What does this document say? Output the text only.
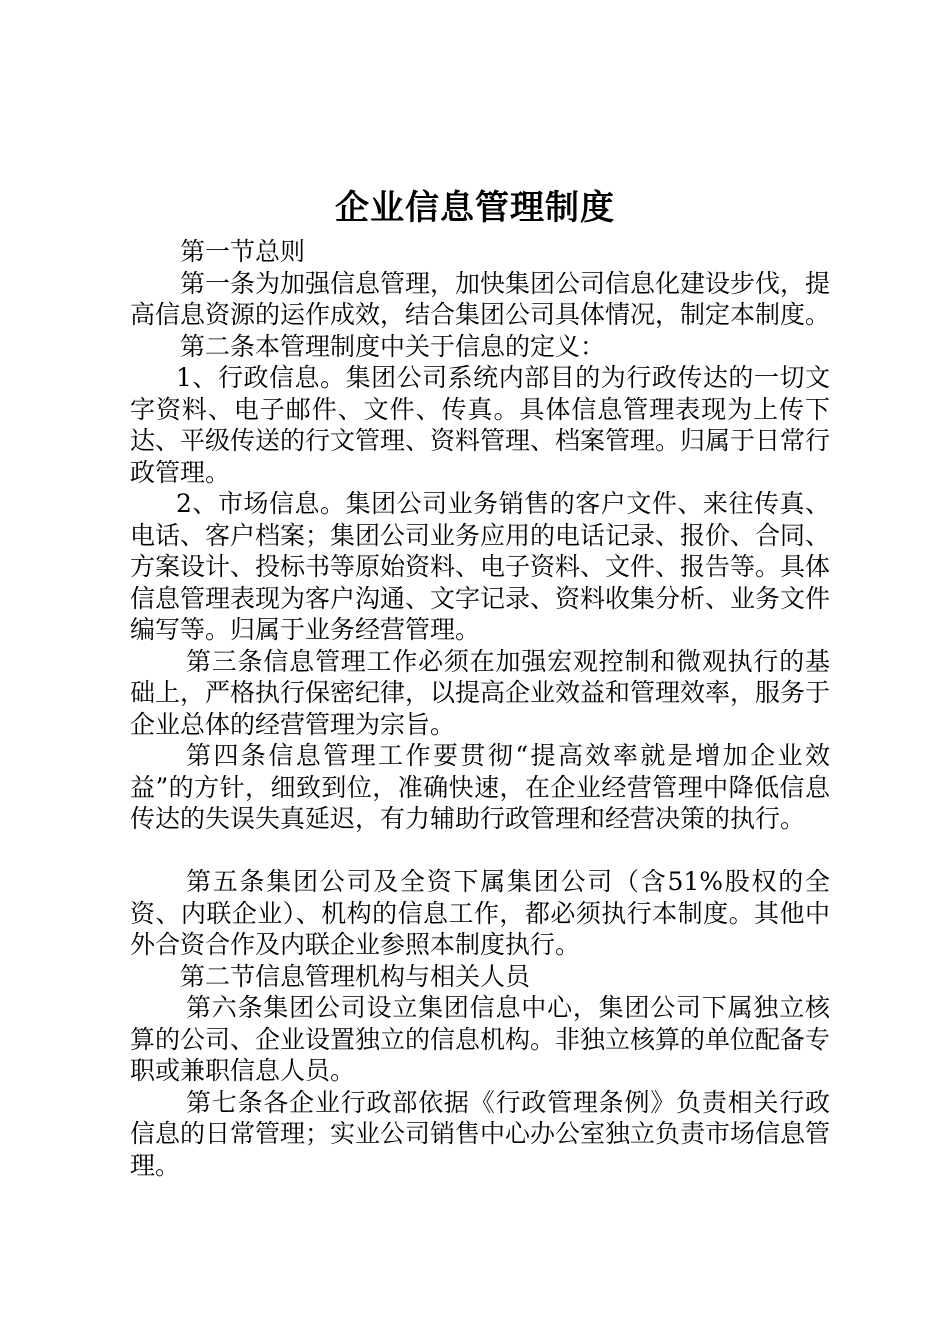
企业信息管理制度

第一节总则

第一条为加强信息管理，加快集团公司信息化建设步伐，提高信息资源的运作成效，结合集团公司具体情况，制定本制度。

第二条本管理制度中关于信息的定义：

1、行政信息。集团公司系统内部目的为行政传达的一切文字资料、电子邮件、文件、传真。具体信息管理表现为上传下达、平级传送的行文管理、资料管理、档案管理。归属于日常行政管理。

2、市场信息。集团公司业务销售的客户文件、来往传真、电话、客户档案；集团公司业务应用的电话记录、报价、合同、方案设计、投标书等原始资料、电子资料、文件、报告等。具体信息管理表现为客户沟通、文字记录、资料收集分析、业务文件编写等。归属于业务经营管理。

第三条信息管理工作必须在加强宏观控制和微观执行的基础上，严格执行保密纪律，以提高企业效益和管理效率，服务于企业总体的经营管理为宗旨。

第四条信息管理工作要贯彻“提高效率就是增加企业效益”的方针，细致到位，准确快速，在企业经营管理中降低信息传达的失误失真延迟，有力辅助行政管理和经营决策的执行。

第五条集团公司及全资下属集团公司（含51%股权的全资、内联企业）、机构的信息工作，都必须执行本制度。其他中外合资合作及内联企业参照本制度执行。

第二节信息管理机构与相关人员

第六条集团公司设立集团信息中心，集团公司下属独立核算的公司、企业设置独立的信息机构。非独立核算的单位配备专职或兼职信息人员。

第七条各企业行政部依据《行政管理条例》负责相关行政信息的日常管理；实业公司销售中心办公室独立负责市场信息管理。
